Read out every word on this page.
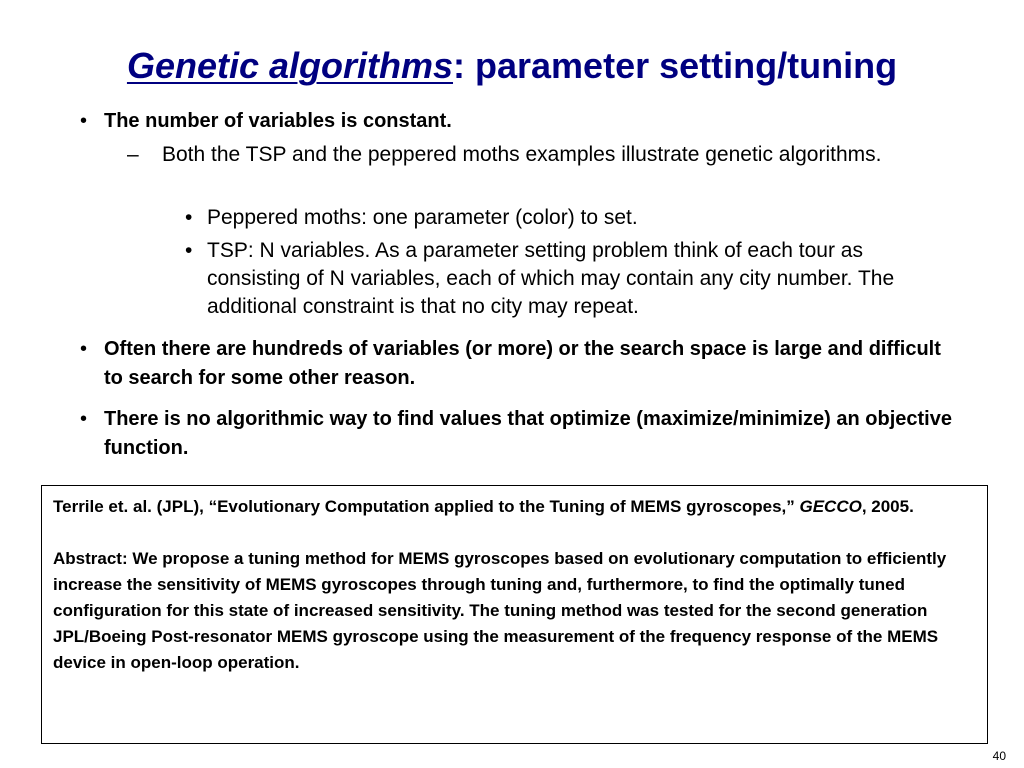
Genetic algorithms: parameter setting/tuning
• The number of variables is constant.
– Both the TSP and the peppered moths examples illustrate genetic algorithms.
• Peppered moths: one parameter (color) to set.
• TSP: N variables. As a parameter setting problem think of each tour as consisting of N variables, each of which may contain any city number. The additional constraint is that no city may repeat.
• Often there are hundreds of variables (or more) or the search space is large and difficult to search for some other reason.
• There is no algorithmic way to find values that optimize (maximize/minimize) an objective function.
Terrile et. al. (JPL), “Evolutionary Computation applied to the Tuning of MEMS gyroscopes,” GECCO, 2005.
Abstract: We propose a tuning method for MEMS gyroscopes based on evolutionary computation to efficiently increase the sensitivity of MEMS gyroscopes through tuning and, furthermore, to find the optimally tuned configuration for this state of increased sensitivity. The tuning method was tested for the second generation JPL/Boeing Post-resonator MEMS gyroscope using the measurement of the frequency response of the MEMS device in open-loop operation.
40
